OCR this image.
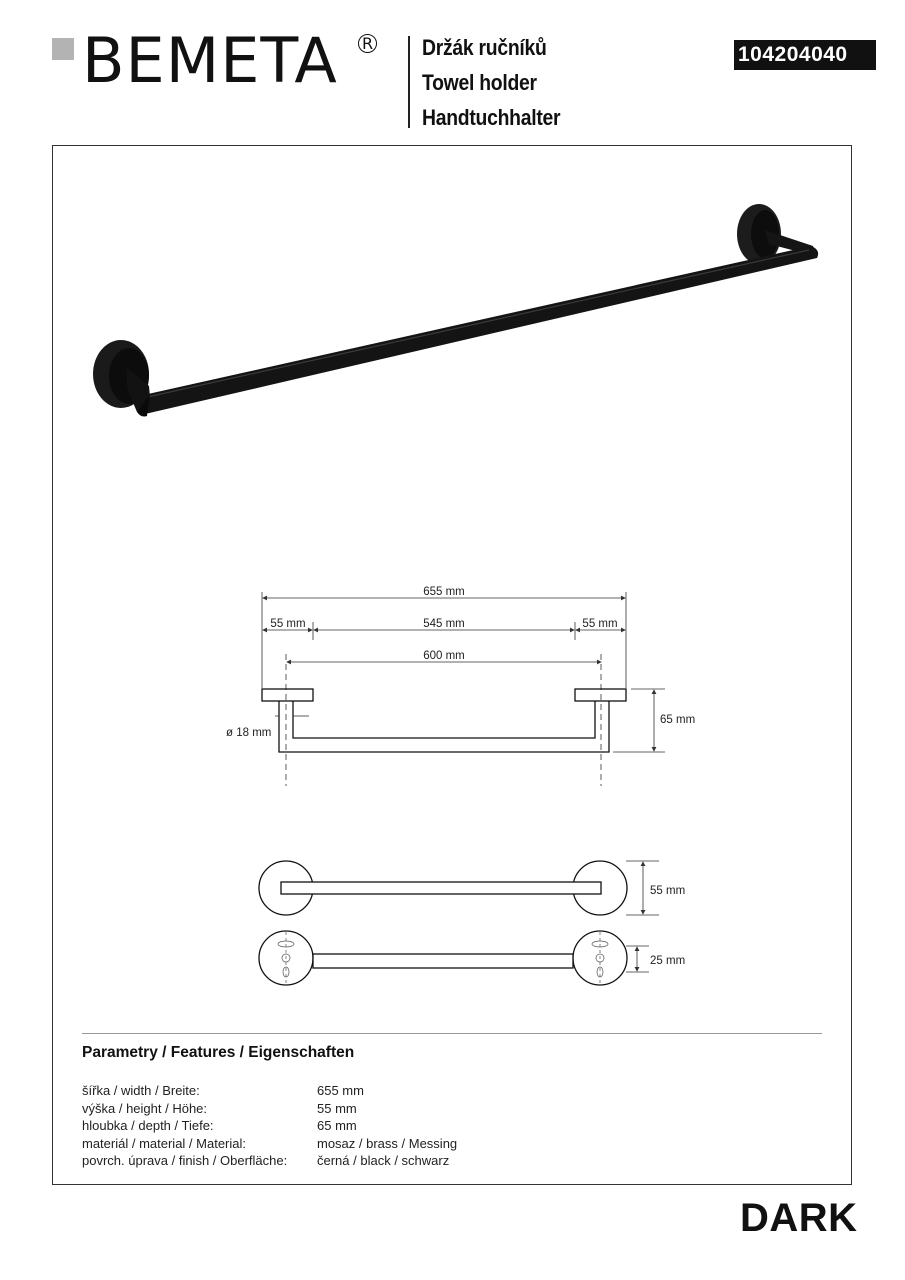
BEMETA R Držák ručníků
Towel holder
Handtuchhalter
104204040
655 mm
55 mm	545 mm	55 mm
600 mm
65 mm
ø 18 mm
55 mm
25 mm
Parametry / Features / Eigenschaften
šířka / width / Breite:	655 mm
výška / height / Höhe:	55 mm
hloubka / depth / Tiefe:	65 mm
materiál / material / Material:	mosaz / brass / Messing
povrch. úprava / finish / Oberfläche: černá / black / schwarz
DARK
